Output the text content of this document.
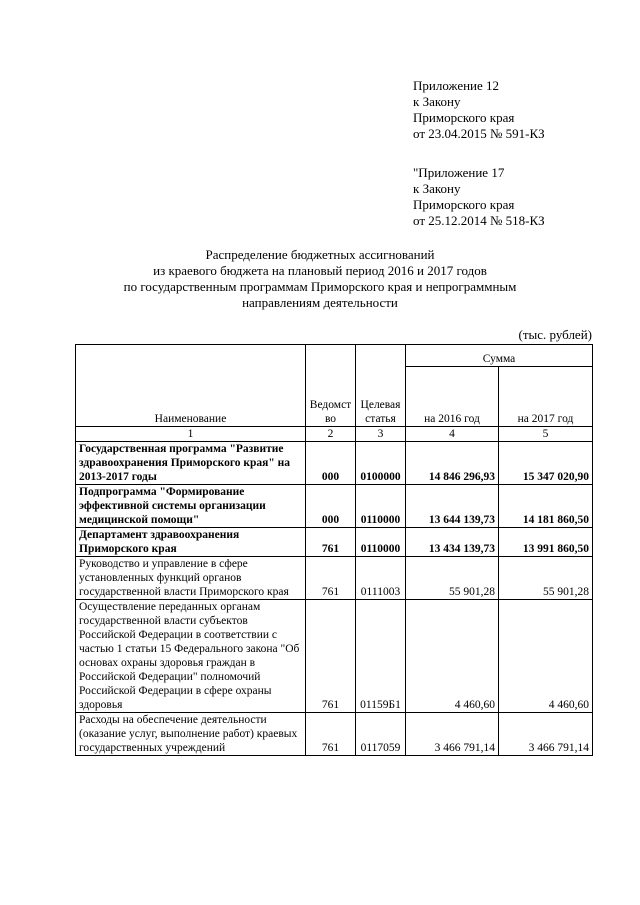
Приложение 12
к Закону
Приморского края
от 23.04.2015 № 591-КЗ
"Приложение 17
к Закону
Приморского края
от 25.12.2014 № 518-КЗ
Распределение бюджетных ассигнований
из краевого бюджета на плановый период 2016 и 2017 годов
по государственным программам Приморского края и непрограммным
направлениям деятельности
(тыс. рублей)
Наименование	Ведомство	Целевая статья	Сумма	
			на 2016 год	на 2017 год
1	2	3	4	5
Государственная программа "Развитие здравоохранения Приморского края" на 2013-2017 годы	000	0100000	14 846 296,93	15 347 020,90
Подпрограмма "Формирование эффективной системы организации медицинской помощи"	000	0110000	13 644 139,73	14 181 860,50
Департамент здравоохранения Приморского края	761	0110000	13 434 139,73	13 991 860,50
Руководство и управление в сфере установленных функций органов государственной власти Приморского края	761	0111003	55 901,28	55 901,28
Осуществление переданных органам государственной власти субъектов Российской Федерации в соответствии с частью 1 статьи 15 Федерального закона "Об основах охраны здоровья граждан в Российской Федерации" полномочий Российской Федерации в сфере охраны здоровья	761	01159Б1	4 460,60	4 460,60
Расходы на обеспечение деятельности (оказание услуг, выполнение работ) краевых государственных учреждений	761	0117059	3 466 791,14	3 466 791,14
